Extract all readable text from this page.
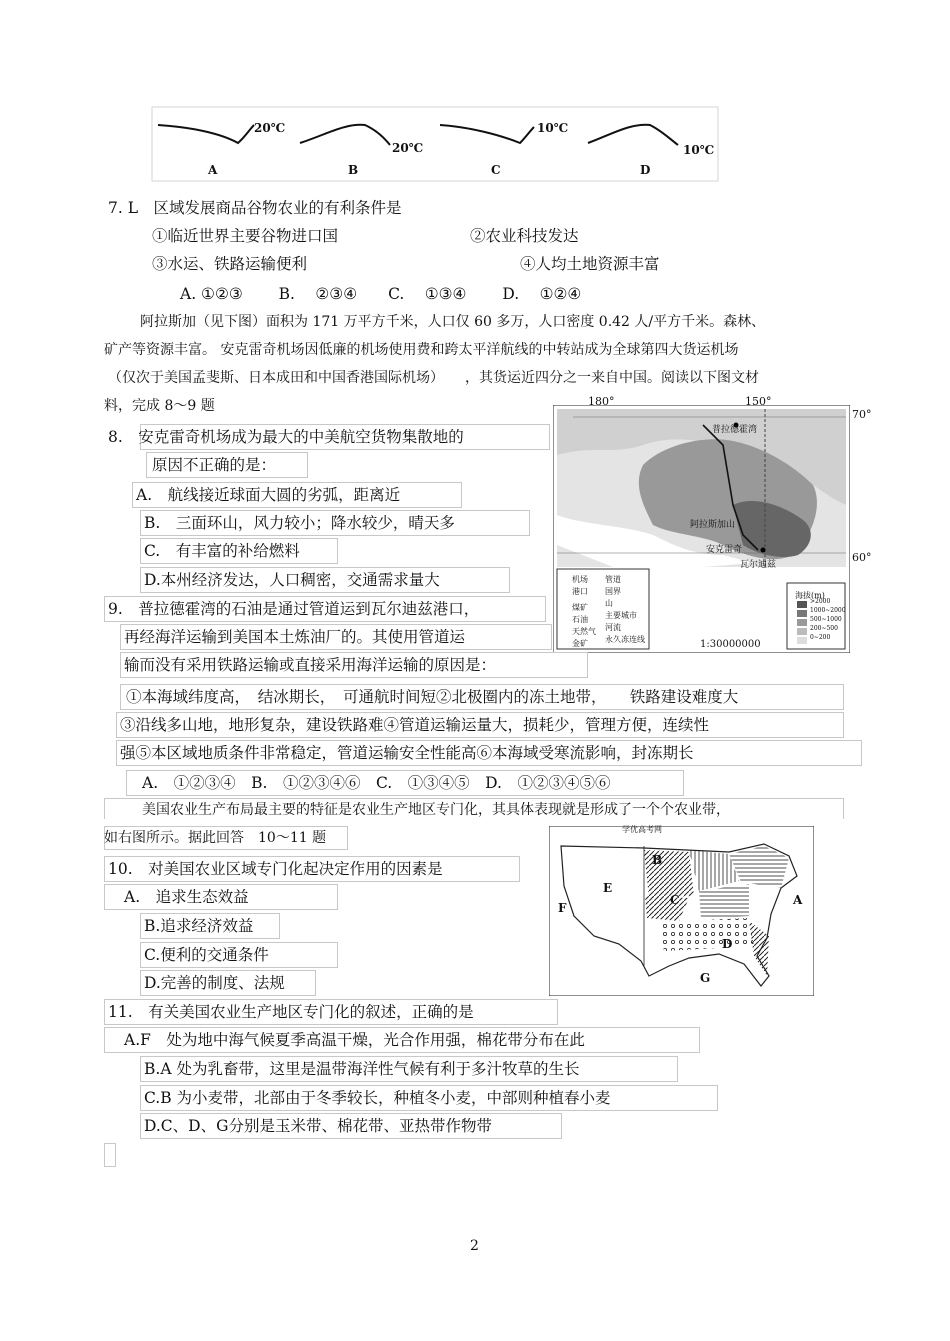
20℃
20℃
10℃
10℃
A	B	C	D
7. L　区域发展商品谷物农业的有利条件是
①临近世界主要谷物进口国	②农业科技发达
③水运、铁路运输便利	④人均土地资源丰富
A. ①②③　　 B.　 ②③④　　C.　 ①③④　　 D.　 ①②④
阿拉斯加（见下图）面积为 171 万平方千米，人口仅 60 多万，人口密度 0.42 人/平方千米。森林、
矿产等资源丰富。 安克雷奇机场因低廉的机场使用费和跨太平洋航线的中转站成为全球第四大货运机场
（仅次于美国孟斐斯、日本成田和中国香港国际机场）　　，其货运近四分之一来自中国。阅读以下图文材
料，完成 8～9 题
8.　安克雷奇机场成为最大的中美航空货物集散地的
原因不正确的是：
A.　航线接近球面大圆的劣弧，距离近
B.　三面环山，风力较小；降水较少，晴天多
C.　有丰富的补给燃料
D.本州经济发达，人口稠密，交通需求量大
180°	150°
70°
60°
普拉德霍湾
阿拉斯加山
安克雷奇
瓦尔迪兹
机场 管道
港口 国界
煤矿 山
石油 主要城市
天然气 河流
金矿 永久冻连线	1:30000000
海拔(m)
>2000
1000~2000
500~1000
200~500
0~200
9.　普拉德霍湾的石油是通过管道运到瓦尔迪兹港口，
再经海洋运输到美国本土炼油厂的。其使用管道运
输而没有采用铁路运输或直接采用海洋运输的原因是：
①本海域纬度高，　结冰期长，　可通航时间短②北极圈内的冻土地带，　　铁路建设难度大
③沿线多山地，地形复杂，建设铁路难④管道运输运量大，损耗少，管理方便，连续性
强⑤本区域地质条件非常稳定，管道运输安全性能高⑥本海域受寒流影响，封冻期长
A.　①②③④　B.　①②③④⑥　C.　①③④⑤　D.　①②③④⑤⑥
美国农业生产布局最主要的特征是农业生产地区专门化，其具体表现就是形成了一个个农业带，
如右图所示。据此回答　10～11 题
学优高考网
A
B
C
D
E
F
G
10.　对美国农业区域专门化起决定作用的因素是
A.　追求生态效益
B.追求经济效益
C.便利的交通条件
D.完善的制度、法规
11.　有关美国农业生产地区专门化的叙述，正确的是
A.F　处为地中海气候夏季高温干燥，光合作用强，棉花带分布在此
B.A 处为乳畜带，这里是温带海洋性气候有利于多汁牧草的生长
C.B 为小麦带，北部由于冬季较长，种植冬小麦，中部则种植春小麦
D.C、D、G分别是玉米带、棉花带、亚热带作物带
2
